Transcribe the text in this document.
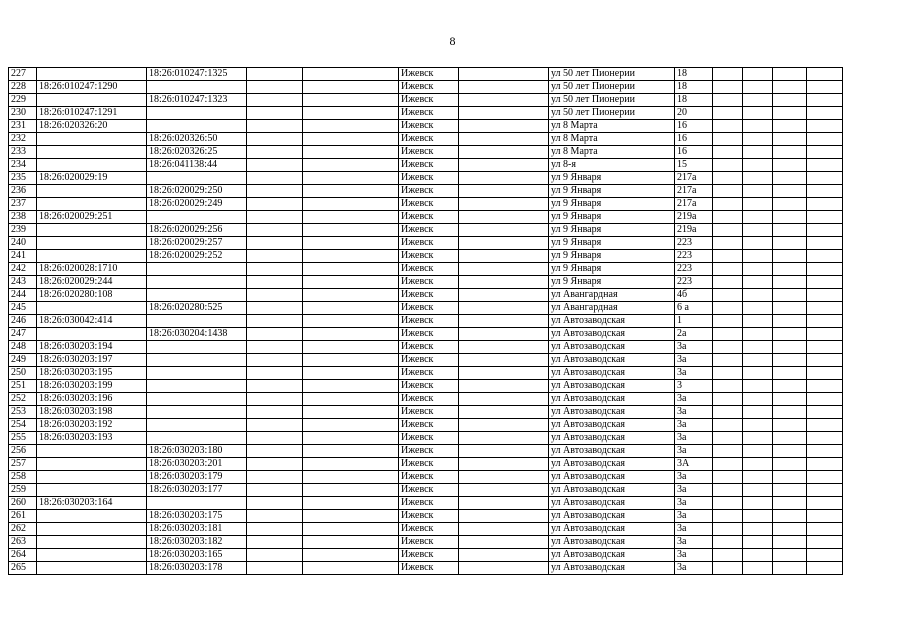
8
227		18:26:010247:1325			Ижевск		ул 50 лет Пионерии	18				
228	18:26:010247:1290				Ижевск		ул 50 лет Пионерии	18				
229		18:26:010247:1323			Ижевск		ул 50 лет Пионерии	18				
230	18:26:010247:1291				Ижевск		ул 50 лет Пионерии	20				
231	18:26:020326:20				Ижевск		ул 8 Марта	16				
232		18:26:020326:50			Ижевск		ул 8 Марта	16				
233		18:26:020326:25			Ижевск		ул 8 Марта	16				
234		18:26:041138:44			Ижевск		ул 8-я	15				
235	18:26:020029:19				Ижевск		ул 9 Января	217а				
236		18:26:020029:250			Ижевск		ул 9 Января	217а				
237		18:26:020029:249			Ижевск		ул 9 Января	217а				
238	18:26:020029:251				Ижевск		ул 9 Января	219а				
239		18:26:020029:256			Ижевск		ул 9 Января	219а				
240		18:26:020029:257			Ижевск		ул 9 Января	223				
241		18:26:020029:252			Ижевск		ул 9 Января	223				
242	18:26:020028:1710				Ижевск		ул 9 Января	223				
243	18:26:020029:244				Ижевск		ул 9 Января	223				
244	18:26:020280:108				Ижевск		ул Авангардная	4б				
245		18:26:020280:525			Ижевск		ул Авангардная	6 а				
246	18:26:030042:414				Ижевск		ул Автозаводская	1				
247		18:26:030204:1438			Ижевск		ул Автозаводская	2а				
248	18:26:030203:194				Ижевск		ул Автозаводская	3а				
249	18:26:030203:197				Ижевск		ул Автозаводская	3а				
250	18:26:030203:195				Ижевск		ул Автозаводская	3а				
251	18:26:030203:199				Ижевск		ул Автозаводская	3				
252	18:26:030203:196				Ижевск		ул Автозаводская	3а				
253	18:26:030203:198				Ижевск		ул Автозаводская	3а				
254	18:26:030203:192				Ижевск		ул Автозаводская	3а				
255	18:26:030203:193				Ижевск		ул Автозаводская	3а				
256		18:26:030203:180			Ижевск		ул Автозаводская	3а				
257		18:26:030203:201			Ижевск		ул Автозаводская	3А				
258		18:26:030203:179			Ижевск		ул Автозаводская	3а				
259		18:26:030203:177			Ижевск		ул Автозаводская	3а				
260	18:26:030203:164				Ижевск		ул Автозаводская	3а				
261		18:26:030203:175			Ижевск		ул Автозаводская	3а				
262		18:26:030203:181			Ижевск		ул Автозаводская	3а				
263		18:26:030203:182			Ижевск		ул Автозаводская	3а				
264		18:26:030203:165			Ижевск		ул Автозаводская	3а				
265		18:26:030203:178			Ижевск		ул Автозаводская	3а				
